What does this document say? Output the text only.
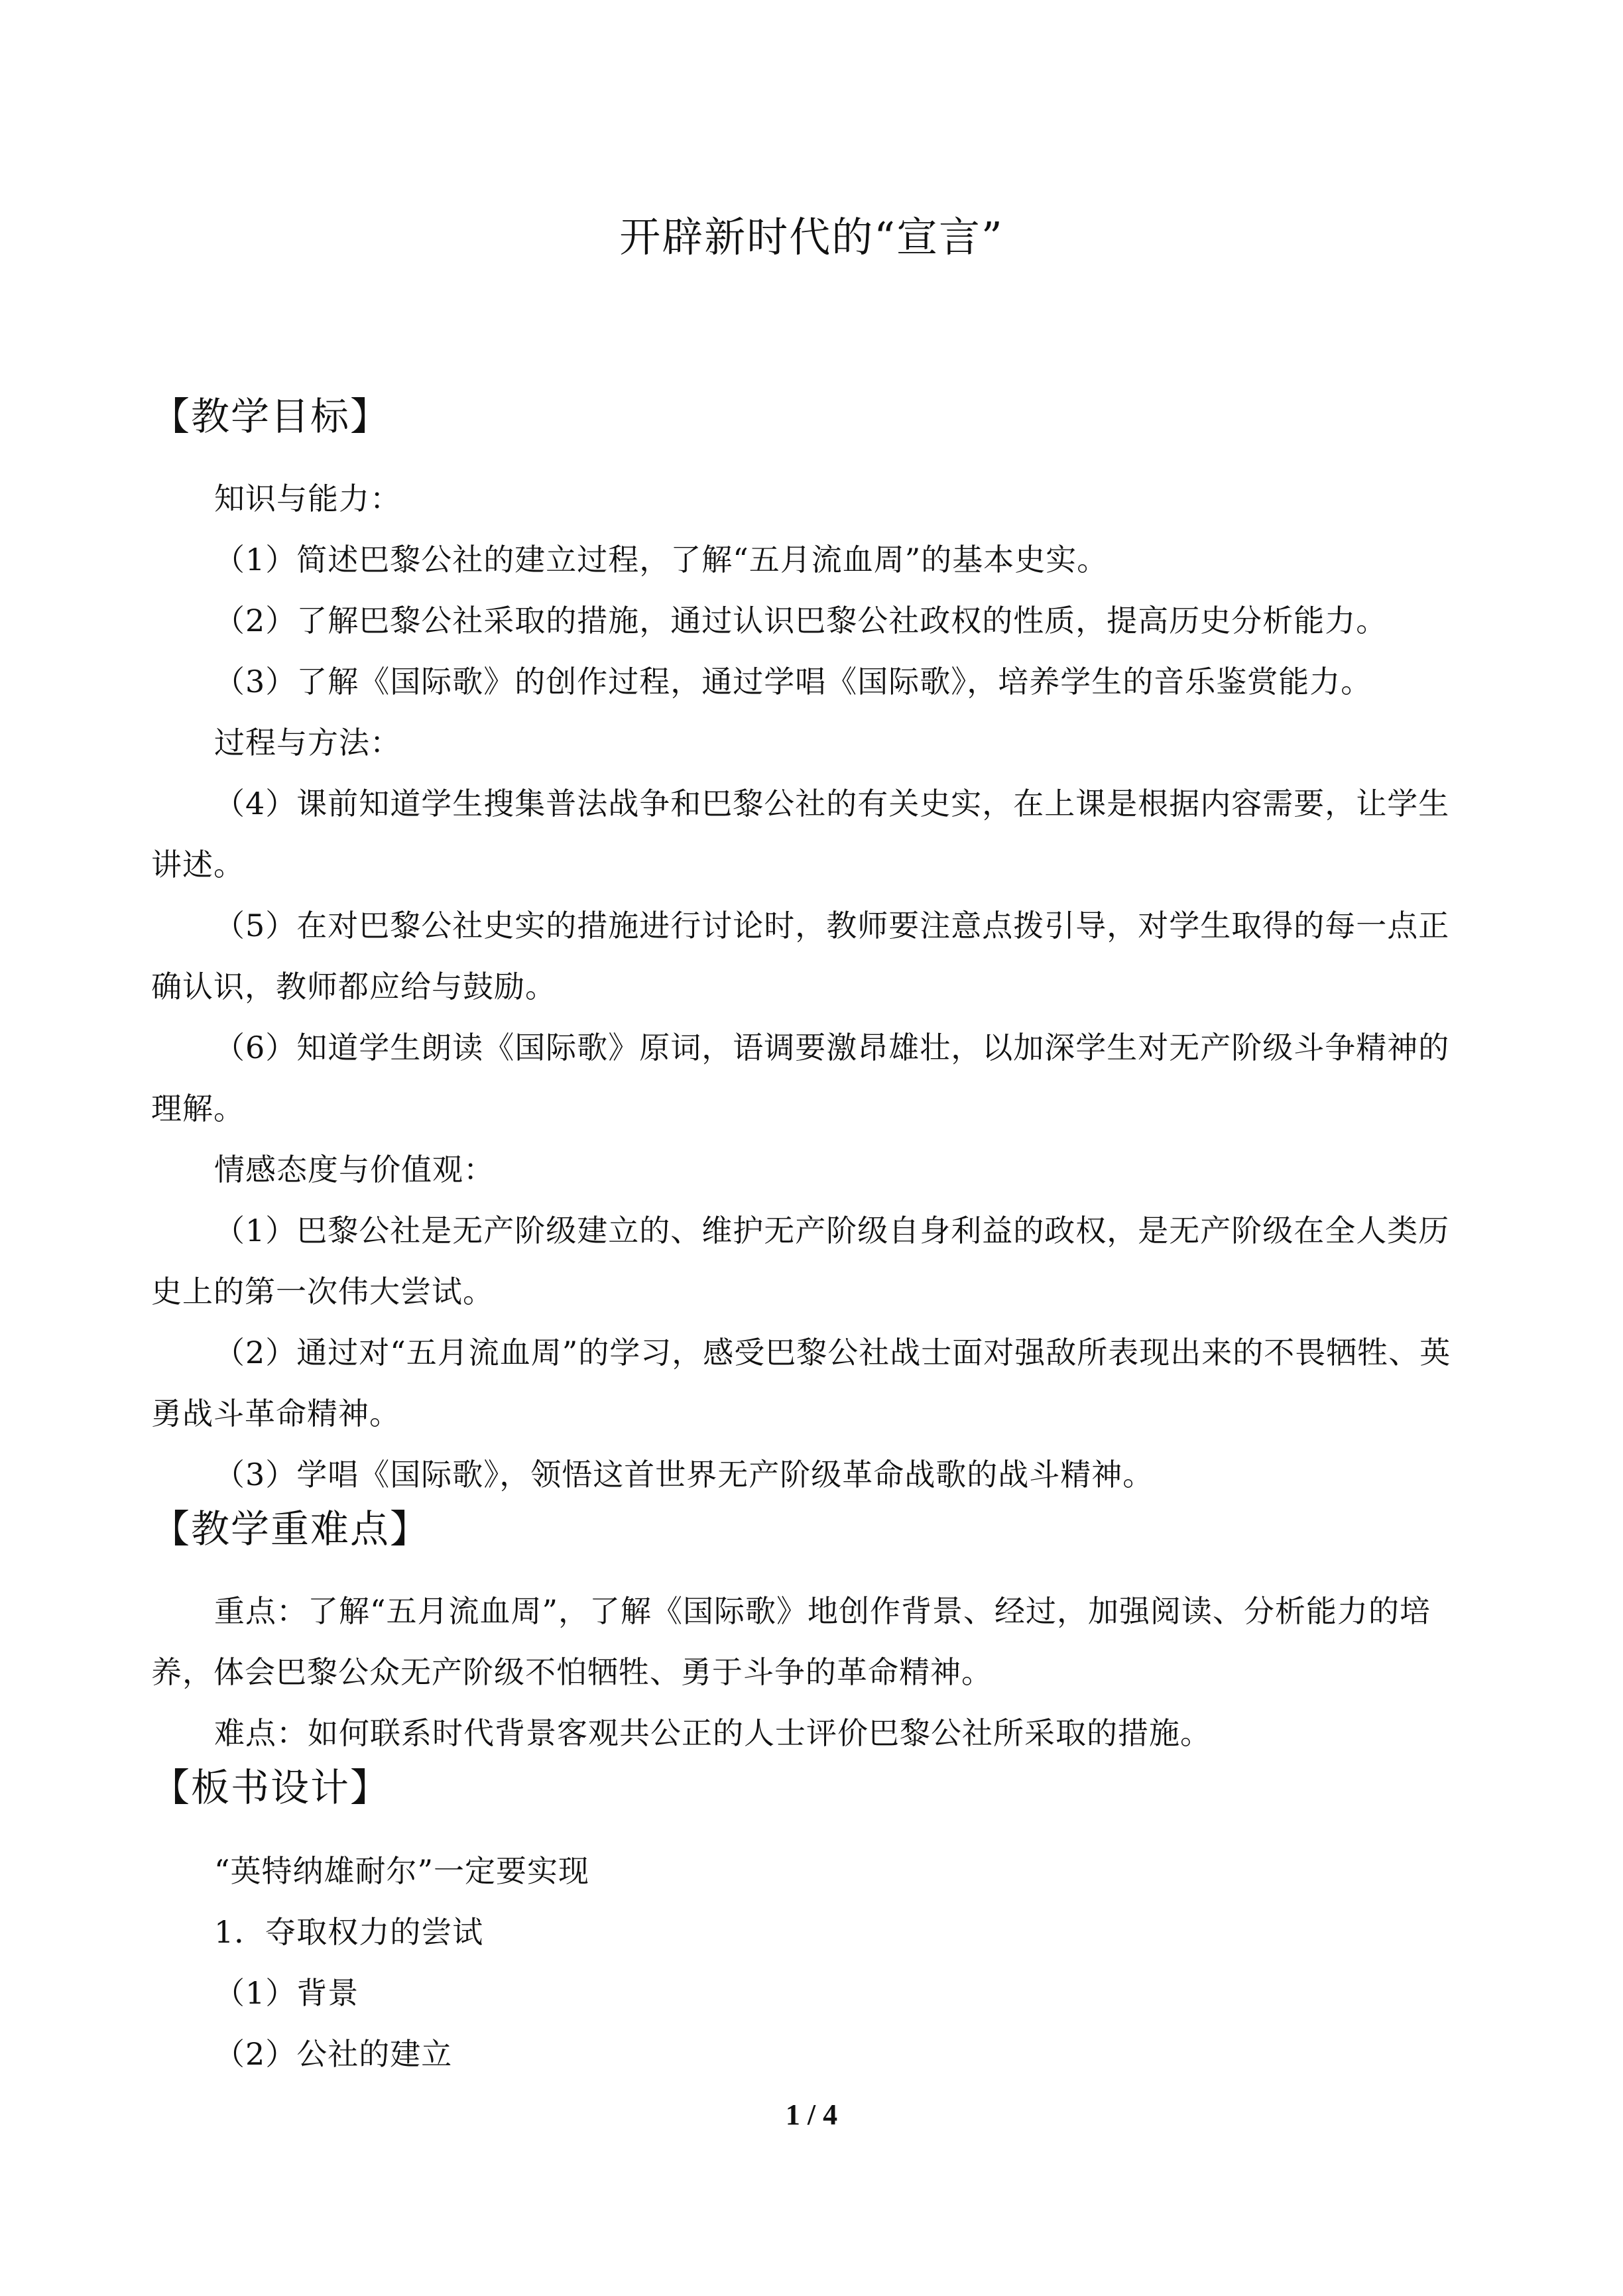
开辟新时代的“宣言”
【教学目标】

知识与能力：

（1）简述巴黎公社的建立过程，了解“五月流血周”的基本史实。

（2）了解巴黎公社采取的措施，通过认识巴黎公社政权的性质，提高历史分析能力。

（3）了解《国际歌》的创作过程，通过学唱《国际歌》，培养学生的音乐鉴赏能力。

过程与方法：

（4）课前知道学生搜集普法战争和巴黎公社的有关史实，在上课是根据内容需要，让学生讲述。

（5）在对巴黎公社史实的措施进行讨论时，教师要注意点拨引导，对学生取得的每一点正确认识，教师都应给与鼓励。

（6）知道学生朗读《国际歌》原词，语调要激昂雄壮，以加深学生对无产阶级斗争精神的理解。

情感态度与价值观：

（1）巴黎公社是无产阶级建立的、维护无产阶级自身利益的政权，是无产阶级在全人类历史上的第一次伟大尝试。

（2）通过对“五月流血周”的学习，感受巴黎公社战士面对强敌所表现出来的不畏牺牲、英勇战斗革命精神。

（3）学唱《国际歌》，领悟这首世界无产阶级革命战歌的战斗精神。

【教学重难点】

重点：了解“五月流血周”，了解《国际歌》地创作背景、经过，加强阅读、分析能力的培养，体会巴黎公众无产阶级不怕牺牲、勇于斗争的革命精神。

难点：如何联系时代背景客观共公正的人士评价巴黎公社所采取的措施。

【板书设计】

“英特纳雄耐尔”一定要实现

1．夺取权力的尝试

（1）背景

（2）公社的建立

1 / 4
